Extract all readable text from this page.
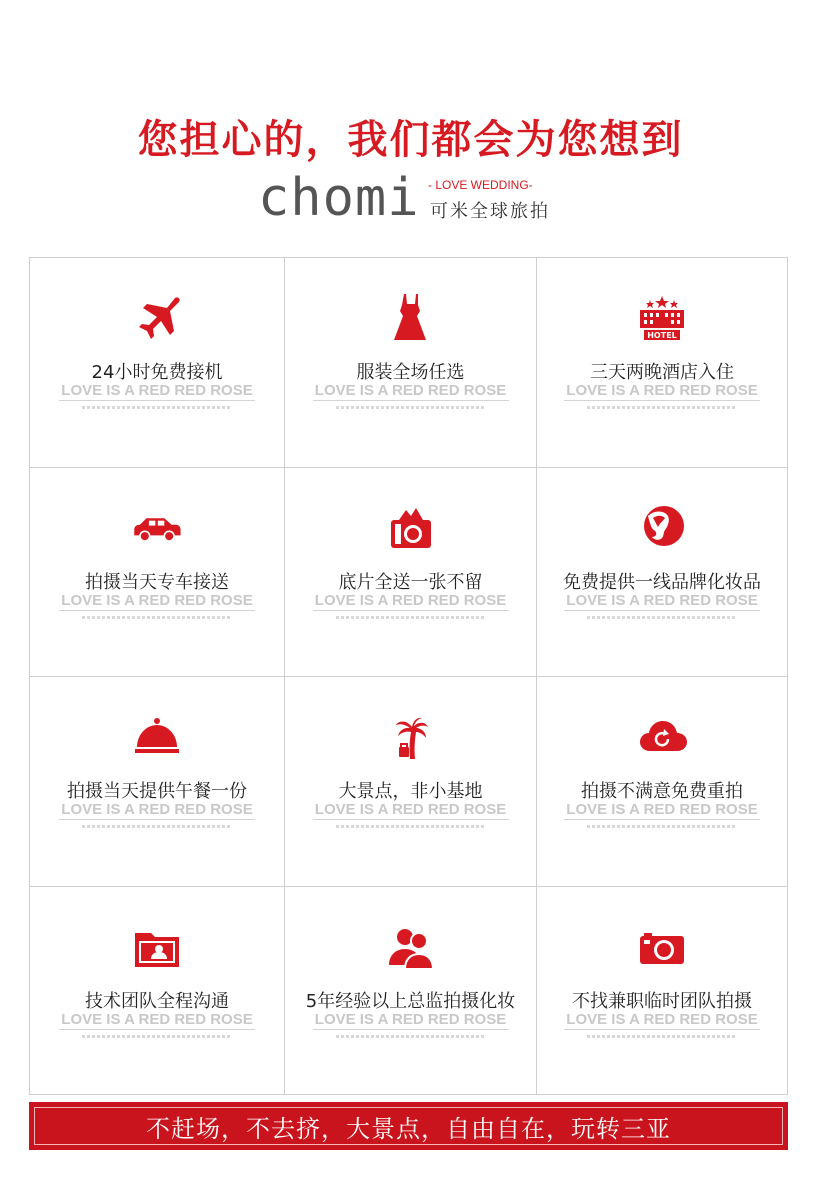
您担心的，我们都会为您想到
chomi - LOVE WEDDING-
可米全球旅拍
24小时免费接机
LOVE IS A RED RED ROSE
服装全场任选
LOVE IS A RED RED ROSE
HOTEL
三天两晚酒店入住
LOVE IS A RED RED ROSE
拍摄当天专车接送
LOVE IS A RED RED ROSE
底片全送一张不留
LOVE IS A RED RED ROSE
免费提供一线品牌化妆品
LOVE IS A RED RED ROSE
拍摄当天提供午餐一份
LOVE IS A RED RED ROSE
大景点，非小基地
LOVE IS A RED RED ROSE
拍摄不满意免费重拍
LOVE IS A RED RED ROSE
技术团队全程沟通
LOVE IS A RED RED ROSE
5年经验以上总监拍摄化妆
LOVE IS A RED RED ROSE
不找兼职临时团队拍摄
LOVE IS A RED RED ROSE
不赶场，不去挤，大景点，自由自在，玩转三亚
